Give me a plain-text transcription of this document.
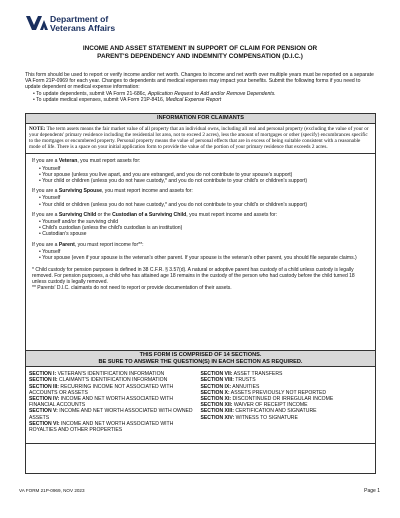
Department of
Veterans Affairs
INCOME AND ASSET STATEMENT IN SUPPORT OF CLAIM FOR PENSION OR
PARENT'S DEPENDENCY AND INDEMNITY COMPENSATION (D.I.C.)
This form should be used to report or verify income and/or net worth. Changes to income and net worth over multiple years must be reported on a separate VA Form 21P-0969 for each year. Changes to dependents and medical expenses may impact your benefits. Submit the following forms if you need to update dependent or medical expense information:
• To update dependents, submit VA Form 21-686c, Application Request to Add and/or Remove Dependents.
• To update medical expenses, submit VA Form 21P-8416, Medical Expense Report
INFORMATION FOR CLAIMANTS
NOTE: The term assets means the fair market value of all property that an individual owns, including all real and personal property (excluding the value of your or your dependents' primary residence including the residential lot area, not to exceed 2 acres), less the amount of mortgages or other (specify) encumbrances specific to the mortgages or encumbered property. Personal property means the value of personal effects that are in excess of being suitable consistent with a reasonable mode of life. There is a space on your initial application form to provide the value of the portion of your primary residence that exceeds 2 acres.

If you are a Veteran, you must report assets for:

• Yourself
• Your spouse (unless you live apart, and you are estranged, and you do not contribute to your spouse's support)
• Your child or children (unless you do not have custody,* and you do not contribute to your child's or children's support)

If you are a Surviving Spouse, you must report income and assets for:

• Yourself
• Your child or children (unless you do not have custody,* and you do not contribute to your child's or children's support)

If you are a Surviving Child or the Custodian of a Surviving Child, you must report income and assets for:

• Yourself and/or the surviving child
• Child's custodian (unless the child's custodian is an institution)
• Custodian's spouse

If you are a Parent, you must report income for**:

• Yourself
• Your spouse (even if your spouse is the veteran's other parent. If your spouse is the veteran's other parent, you should file separate claims.)
* Child custody for pension purposes is defined in 38 C.F.R. § 3.57(d). A natural or adoptive parent has custody of a child unless custody is legally removed. For pension purposes, a child who has attained age 18 remains in the custody of the person who had custody before the child turned 18 unless custody is legally removed.
** Parents' D.I.C. claimants do not need to report or provide documentation of their assets.
THIS FORM IS COMPRISED OF 14 SECTIONS.
BE SURE TO ANSWER THE QUESTION(S) IN EACH SECTION AS REQUIRED.
SECTION I: VETERAN'S IDENTIFICATION INFORMATION
SECTION II: CLAIMANT'S IDENTIFICATION INFORMATION
SECTION III: RECURRING INCOME NOT ASSOCIATED WITH ACCOUNTS OR ASSETS
SECTION IV: INCOME AND NET WORTH ASSOCIATED WITH FINANCIAL ACCOUNTS
SECTION V: INCOME AND NET WORTH ASSOCIATED WITH OWNED ASSETS
SECTION VI: INCOME AND NET WORTH ASSOCIATED WITH ROYALTIES AND OTHER PROPERTIES
SECTION VII: ASSET TRANSFERS
SECTION VIII: TRUSTS
SECTION IX: ANNUITIES
SECTION X: ASSETS PREVIOUSLY NOT REPORTED
SECTION XI: DISCONTINUED OR IRREGULAR INCOME
SECTION XII: WAIVER OF RECEIPT INCOME
SECTION XIII: CERTIFICATION AND SIGNATURE
SECTION XIV: WITNESS TO SIGNATURE
VA FORM 21P-0969, NOV 2023	Page 1
